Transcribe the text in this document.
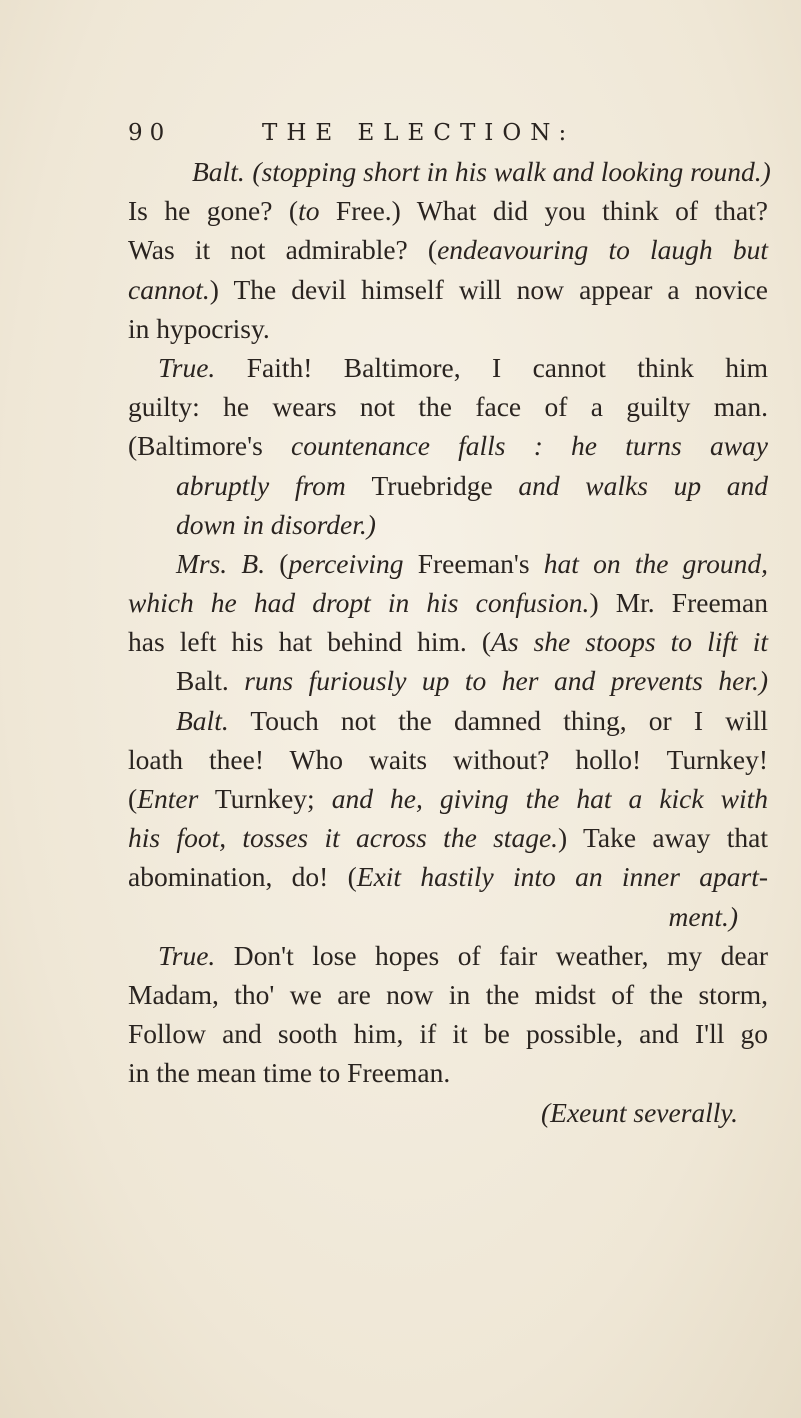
90	THE ELECTION:
Balt. (stopping short in his walk and looking round.)
Is he gone? (to Free.) What did you think of that?
Was it not admirable? (endeavouring to laugh but
cannot.) The devil himself will now appear a novice
in hypocrisy.
True. Faith! Baltimore, I cannot think him
guilty: he wears not the face of a guilty man.
(Baltimore's countenance falls : he turns away
abruptly from Truebridge and walks up and
down in disorder.)
Mrs. B. (perceiving Freeman's hat on the ground,
which he had dropt in his confusion.) Mr. Freeman
has left his hat behind him. (As she stoops to lift it
Balt. runs furiously up to her and prevents her.)
Balt. Touch not the damned thing, or I will
loath thee! Who waits without? hollo! Turnkey!
(Enter Turnkey; and he, giving the hat a kick with
his foot, tosses it across the stage.) Take away that
abomination, do! (Exit hastily into an inner apart-
ment.)
True. Don't lose hopes of fair weather, my dear
Madam, tho' we are now in the midst of the storm,
Follow and sooth him, if it be possible, and I'll go
in the mean time to Freeman.
(Exeunt severally.
